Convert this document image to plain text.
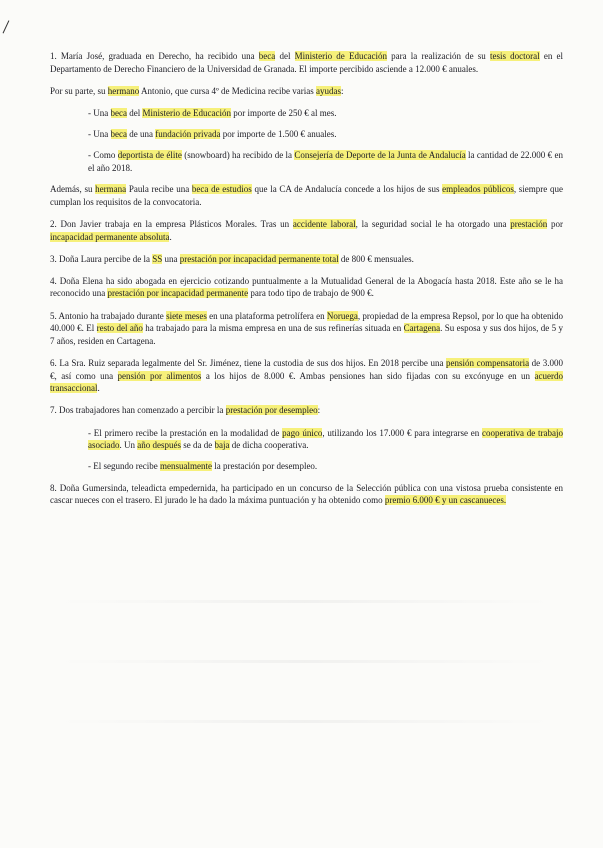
1. María José, graduada en Derecho, ha recibido una beca del Ministerio de Educación para la realización de su tesis doctoral en el Departamento de Derecho Financiero de la Universidad de Granada. El importe percibido asciende a 12.000 € anuales.

Por su parte, su hermano Antonio, que cursa 4º de Medicina recibe varias ayudas:

- Una beca del Ministerio de Educación por importe de 250 € al mes.

- Una beca de una fundación privada por importe de 1.500 € anuales.

- Como deportista de élite (snowboard) ha recibido de la Consejería de Deporte de la Junta de Andalucía la cantidad de 22.000 € en el año 2018.

Además, su hermana Paula recibe una beca de estudios que la CA de Andalucía concede a los hijos de sus empleados públicos, siempre que cumplan los requisitos de la convocatoria.

2. Don Javier trabaja en la empresa Plásticos Morales. Tras un accidente laboral, la seguridad social le ha otorgado una prestación por incapacidad permanente absoluta.

3. Doña Laura percibe de la SS una prestación por incapacidad permanente total de 800 € mensuales.

4. Doña Elena ha sido abogada en ejercicio cotizando puntualmente a la Mutualidad General de la Abogacía hasta 2018. Este año se le ha reconocido una prestación por incapacidad permanente para todo tipo de trabajo de 900 €.

5. Antonio ha trabajado durante siete meses en una plataforma petrolífera en Noruega, propiedad de la empresa Repsol, por lo que ha obtenido 40.000 €. El resto del año ha trabajado para la misma empresa en una de sus refinerías situada en Cartagena. Su esposa y sus dos hijos, de 5 y 7 años, residen en Cartagena.

6. La Sra. Ruiz separada legalmente del Sr. Jiménez, tiene la custodia de sus dos hijos. En 2018 percibe una pensión compensatoria de 3.000 €, así como una pensión por alimentos a los hijos de 8.000 €. Ambas pensiones han sido fijadas con su excónyuge en un acuerdo transaccional.

7. Dos trabajadores han comenzado a percibir la prestación por desempleo:

- El primero recibe la prestación en la modalidad de pago único, utilizando los 17.000 € para integrarse en cooperativa de trabajo asociado. Un año después se da de baja de dicha cooperativa.

- El segundo recibe mensualmente la prestación por desempleo.

8. Doña Gumersinda, teleadicta empedernida, ha participado en un concurso de la Selección pública con una vistosa prueba consistente en cascar nueces con el trasero. El jurado le ha dado la máxima puntuación y ha obtenido como premio 6.000 € y un cascanueces.
